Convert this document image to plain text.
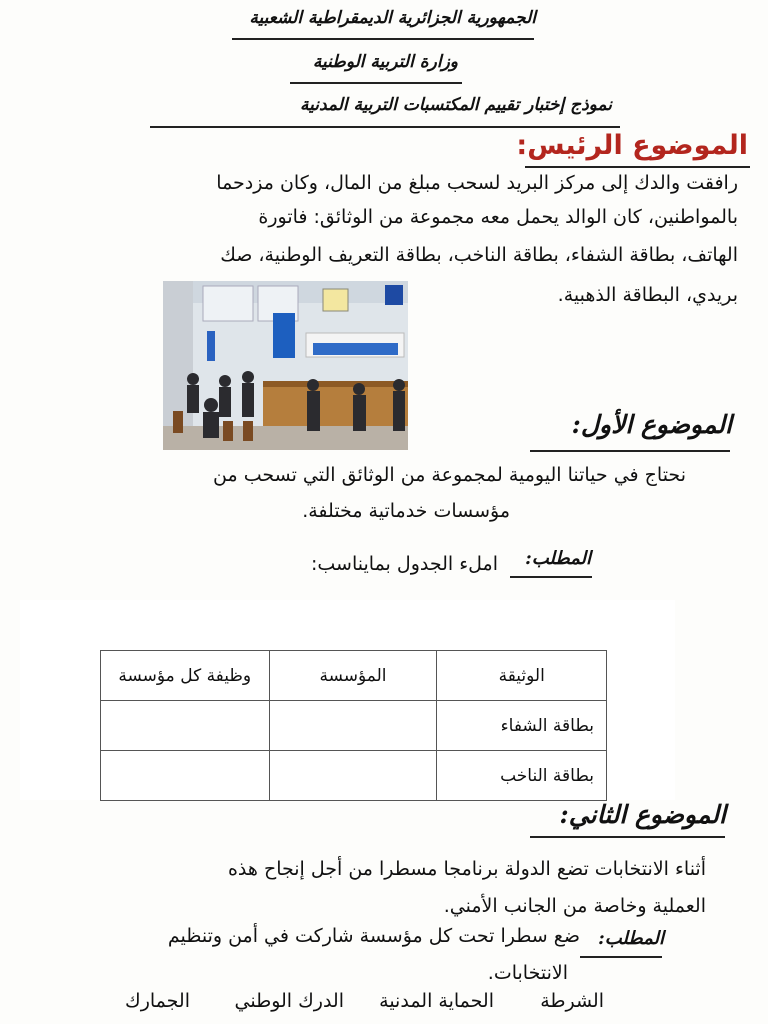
الجمهورية الجزائرية الديمقراطية الشعبية
وزارة التربية الوطنية
نموذج إختبار تقييم المكتسبات التربية المدنية
الموضوع الرئيس:
رافقت والدك إلى مركز البريد لسحب مبلغ من المال، وكان مزدحما
بالمواطنين، كان الوالد يحمل معه مجموعة من الوثائق: فاتورة
الهاتف، بطاقة الشفاء، بطاقة الناخب، بطاقة التعريف الوطنية، صك
بريدي، البطاقة الذهبية.
الموضوع الأول:
نحتاج في حياتنا اليومية لمجموعة من الوثائق التي تسحب من
مؤسسات خدماتية مختلفة.
المطلب:
املء الجدول بمايناسب:
الوثيقة	المؤسسة	وظيفة كل مؤسسة
بطاقة الشفاء		
بطاقة الناخب		
الموضوع الثاني:
أثناء الانتخابات تضع الدولة برنامجا مسطرا من أجل إنجاح هذه
العملية وخاصة من الجانب الأمني.
المطلب:
ضع سطرا تحت كل مؤسسة شاركت في أمن وتنظيم
الانتخابات.
الشرطة
الحماية المدنية
الدرك الوطني
الجمارك
